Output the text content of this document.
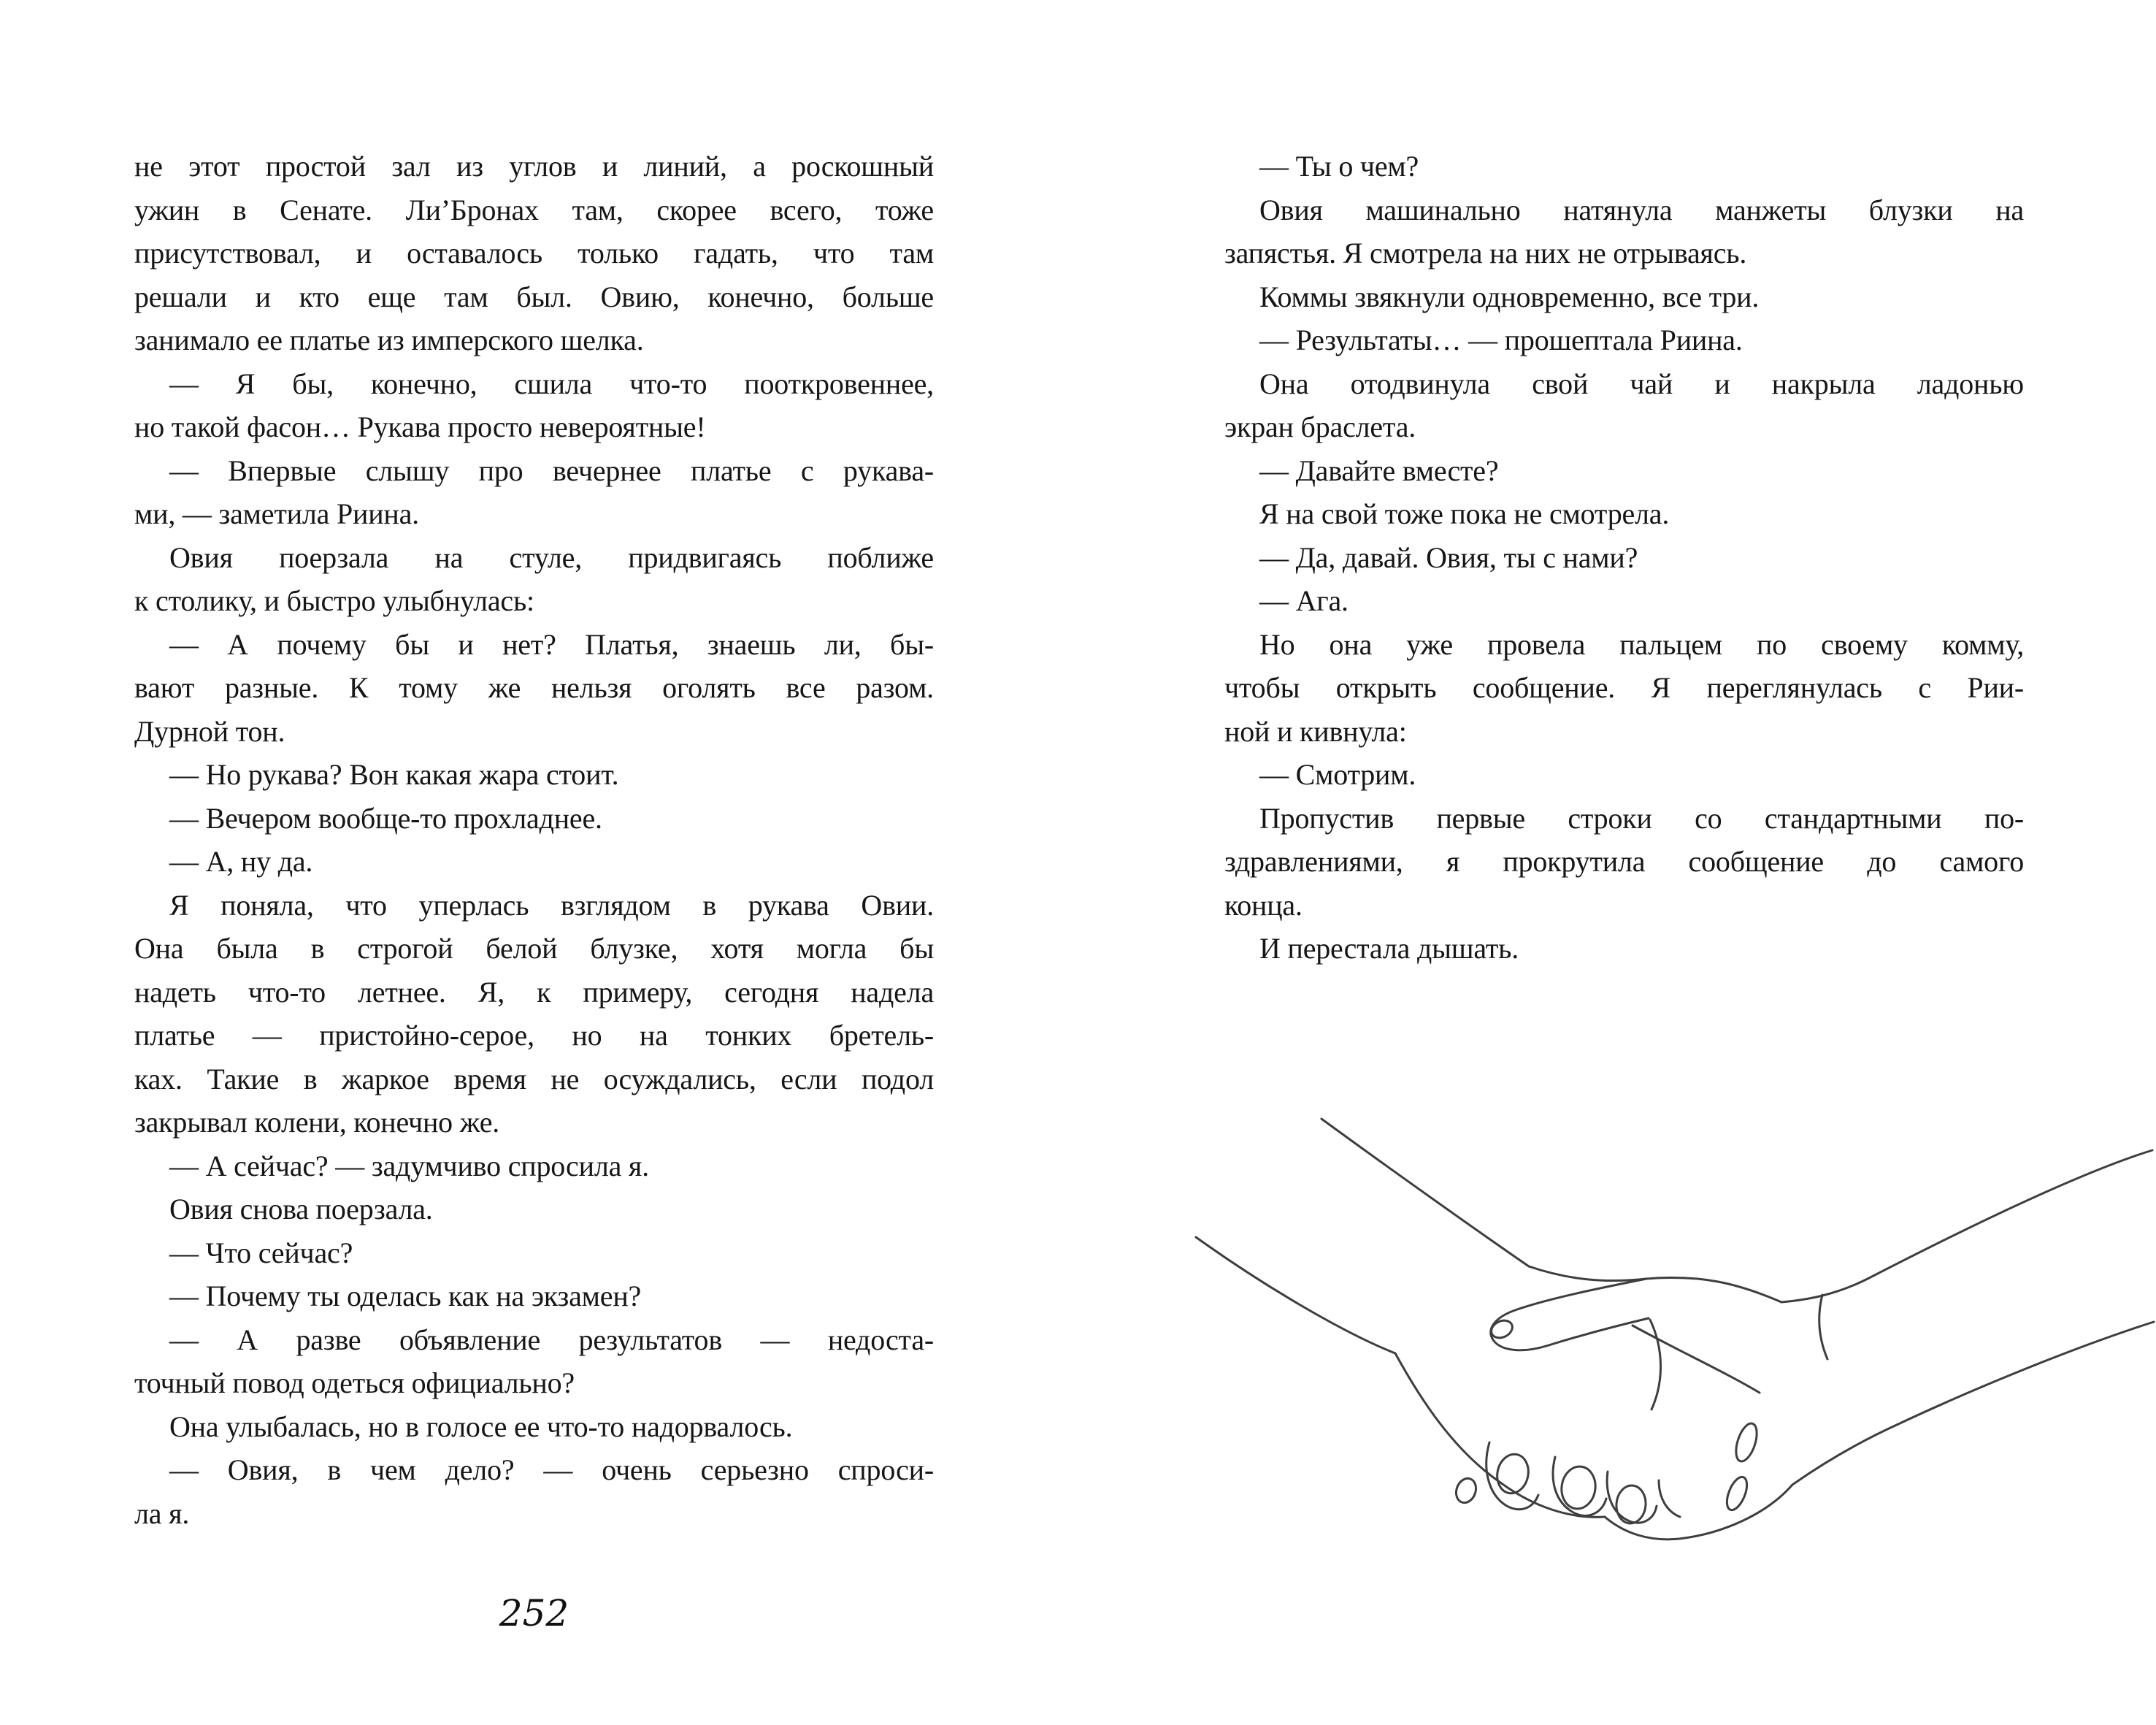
не этот простой зал из углов и линий, а роскошный
ужин в Сенате. Ли’Бронах там, скорее всего, тоже
присутствовал, и оставалось только гадать, что там
решали и кто еще там был. Овию, конечно, больше
занимало ее платье из имперского шелка.
— Я бы, конечно, сшила что-то пооткровеннее,
но такой фасон… Рукава просто невероятные!
— Впервые слышу про вечернее платье с рукава-
ми, — заметила Риина.
Овия поерзала на стуле, придвигаясь поближе
к столику, и быстро улыбнулась:
— А почему бы и нет? Платья, знаешь ли, бы-
вают разные. К тому же нельзя оголять все разом.
Дурной тон.
— Но рукава? Вон какая жара стоит.
— Вечером вообще-то прохладнее.
— А, ну да.
Я поняла, что уперлась взглядом в рукава Овии.
Она была в строгой белой блузке, хотя могла бы
надеть что-то летнее. Я, к примеру, сегодня надела
платье — пристойно-серое, но на тонких бретель-
ках. Такие в жаркое время не осуждались, если подол
закрывал колени, конечно же.
— А сейчас? — задумчиво спросила я.
Овия снова поерзала.
— Что сейчас?
— Почему ты оделась как на экзамен?
— А разве объявление результатов — недоста-
точный повод одеться официально?
Она улыбалась, но в голосе ее что-то надорвалось.
— Овия, в чем дело? — очень серьезно спроси-
ла я.
— Ты о чем?
Овия машинально натянула манжеты блузки на
запястья. Я смотрела на них не отрываясь.
Коммы звякнули одновременно, все три.
— Результаты… — прошептала Риина.
Она отодвинула свой чай и накрыла ладонью
экран браслета.
— Давайте вместе?
Я на свой тоже пока не смотрела.
— Да, давай. Овия, ты с нами?
— Ага.
Но она уже провела пальцем по своему комму,
чтобы открыть сообщение. Я переглянулась с Рии-
ной и кивнула:
— Смотрим.
Пропустив первые строки со стандартными по-
здравлениями, я прокрутила сообщение до самого
конца.
И перестала дышать.
252
